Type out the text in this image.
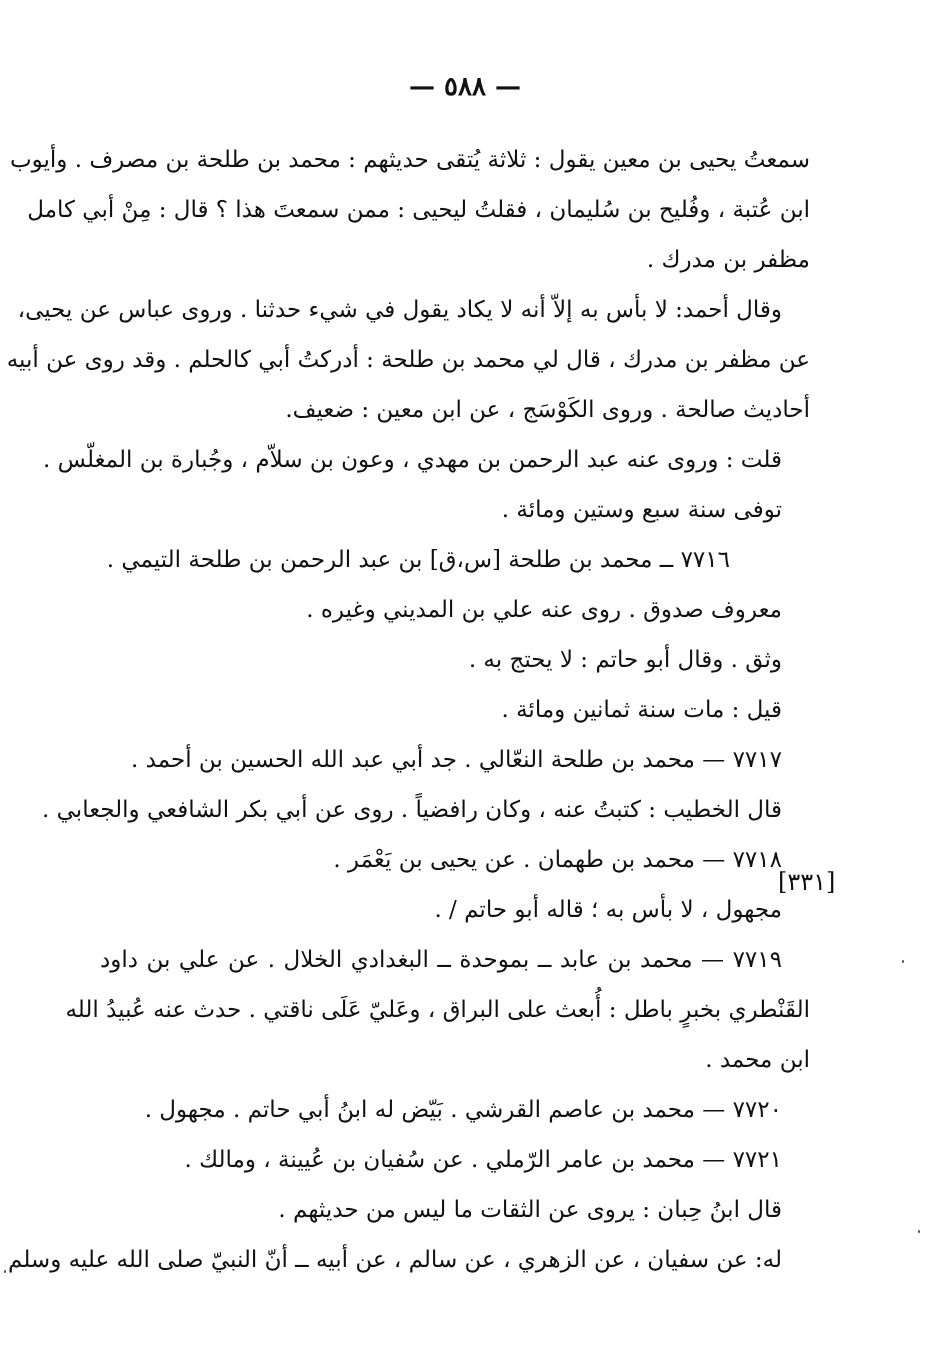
— ٥٨٨ —
[٣٣١]
سمعتُ يحيى بن معين يقول : ثلاثة يُتقى حديثهم : محمد بن طلحة بن مصرف . وأيوب
ابن عُتبة ، وفُليح بن سُليمان ، فقلتُ ليحيى : ممن سمعتَ هذا ؟ قال : مِنْ أبي كامل
مظفر بن مدرك .
وقال أحمد: لا بأس به إلاّ أنه لا يكاد يقول في شيء حدثنا . وروى عباس عن يحيى،
عن مظفر بن مدرك ، قال لي محمد بن طلحة : أدركتُ أبي كالحلم . وقد روى عن أبيه
أحاديث صالحة . وروى الكَوْسَج ، عن ابن معين : ضعيف.
قلت : وروى عنه عبد الرحمن بن مهدي ، وعون بن سلاّم ، وجُبارة بن المغلّس .
توفى سنة سبع وستين ومائة .
٧٧١٦ ــ محمد بن طلحة [س،ق] بن عبد الرحمن بن طلحة التيمي .
معروف صدوق . روى عنه علي بن المديني وغيره .
وثق . وقال أبو حاتم : لا يحتج به .
قيل : مات سنة ثمانين ومائة .
٧٧١٧ — محمد بن طلحة النعّالي . جد أبي عبد الله الحسين بن أحمد .
قال الخطيب : كتبتُ عنه ، وكان رافضياً . روى عن أبي بكر الشافعي والجعابي .
٧٧١٨ — محمد بن طهمان . عن يحيى بن يَعْمَر .
مجهول ، لا بأس به ؛ قاله أبو حاتم / .
٧٧١٩ — محمد بن عابد ــ بموحدة ــ البغدادي الخلال . عن علي بن داود
القَنْطري بخبرٍ باطل : أُبعث على البراق ، وعَليّ عَلَى ناقتي . حدث عنه عُبيدُ الله
ابن محمد .
٧٧٢٠ — محمد بن عاصم القرشي . بَيّض له ابنُ أبي حاتم . مجهول .
٧٧٢١ — محمد بن عامر الرّملي . عن سُفيان بن عُيينة ، ومالك .
قال ابنُ حِبان : يروى عن الثقات ما ليس من حديثهم .
له: عن سفيان ، عن الزهري ، عن سالم ، عن أبيه ــ أنّ النبيّ صلى الله عليه وسلم
